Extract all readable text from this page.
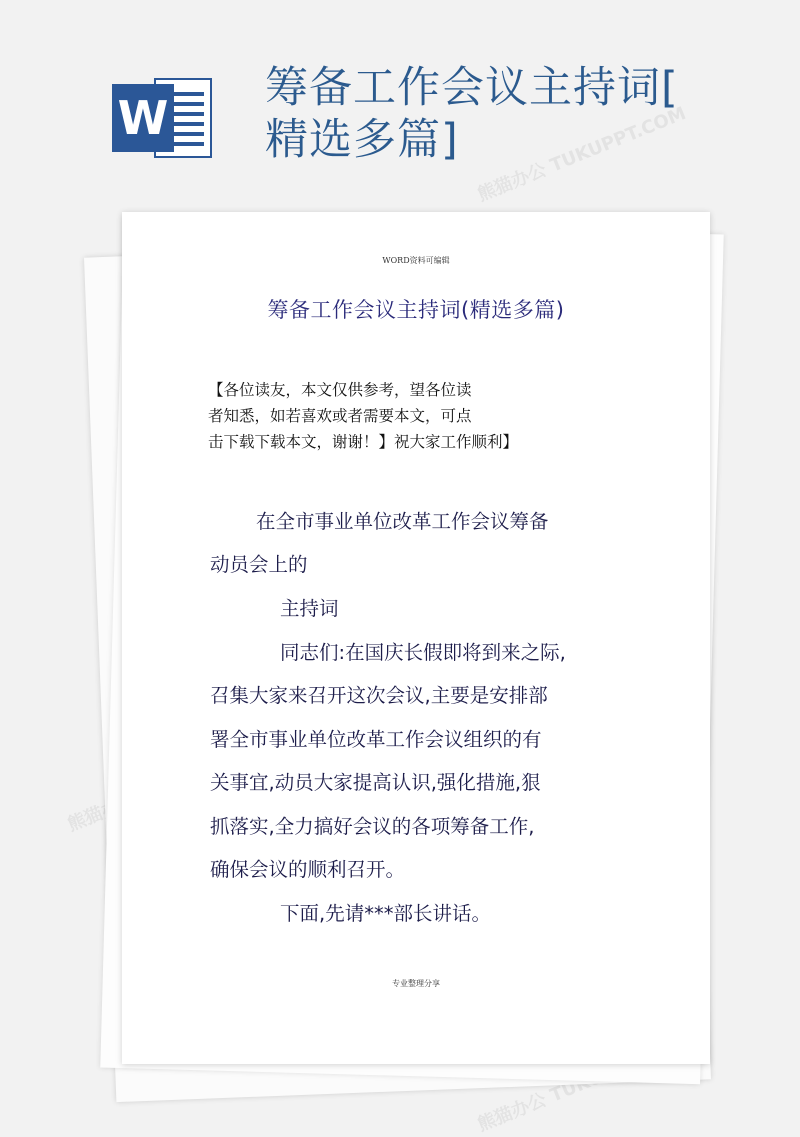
熊猫办公 TUKUPPT.COM
熊猫办公
熊猫办公 TUKUPPT.COM
W
筹备工作会议主持词[
精选多篇]
WORD资料可编辑
筹备工作会议主持词(精选多篇)
【各位读友，本文仅供参考，望各位读
者知悉，如若喜欢或者需要本文，可点
击下载下载本文，谢谢！】祝大家工作顺利】
在全市事业单位改革工作会议筹备
动员会上的
主持词
同志们:在国庆长假即将到来之际,
召集大家来召开这次会议,主要是安排部
署全市事业单位改革工作会议组织的有
关事宜,动员大家提高认识,强化措施,狠
抓落实,全力搞好会议的各项筹备工作,
确保会议的顺利召开。
下面,先请***部长讲话。
专业整理分享
